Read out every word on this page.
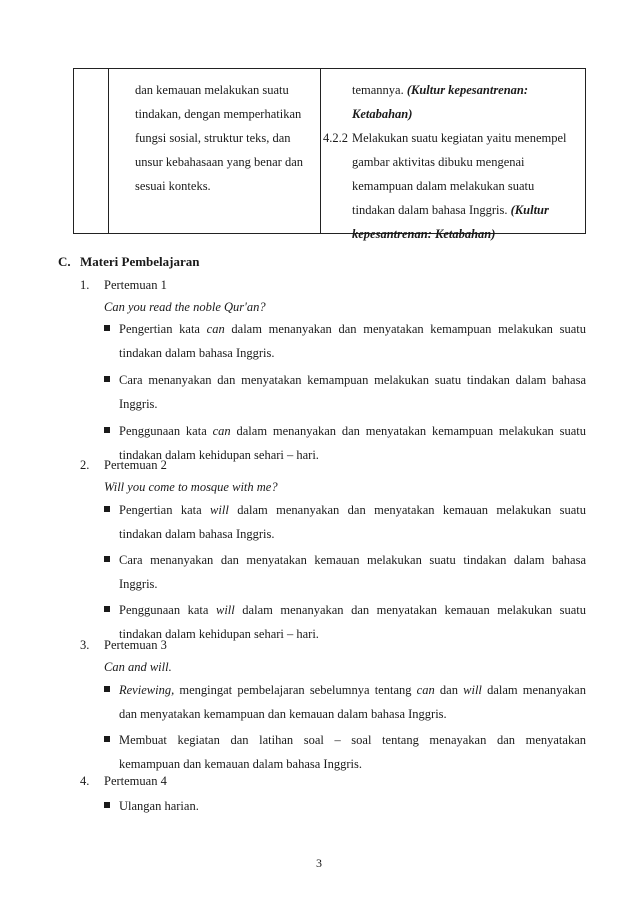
dan kemauan melakukan suatu
tindakan, dengan memperhatikan
fungsi sosial, struktur teks, dan
unsur kebahasaan yang benar dan
sesuai konteks.
temannya. (Kultur kepesantrenan:
Ketabahan)
4.2.2 Melakukan suatu kegiatan yaitu menempel
gambar aktivitas dibuku mengenai
kemampuan dalam melakukan suatu
tindakan dalam bahasa Inggris. (Kultur
kepesantrenan: Ketabahan)
C. Materi Pembelajaran
1. Pertemuan 1
Can you read the noble Qur'an?
Pengertian kata can dalam menanyakan dan menyatakan kemampuan melakukan suatu
tindakan dalam bahasa Inggris.
Cara menanyakan dan menyatakan kemampuan melakukan suatu tindakan dalam bahasa
Inggris.
Penggunaan kata can dalam menanyakan dan menyatakan kemampuan melakukan suatu
tindakan dalam kehidupan sehari – hari.
2. Pertemuan 2
Will you come to mosque with me?
Pengertian kata will dalam menanyakan dan menyatakan kemauan melakukan suatu
tindakan dalam bahasa Inggris.
Cara menanyakan dan menyatakan kemauan melakukan suatu tindakan dalam bahasa
Inggris.
Penggunaan kata will dalam menanyakan dan menyatakan kemauan melakukan suatu
tindakan dalam kehidupan sehari – hari.
3. Pertemuan 3
Can and will.
Reviewing, mengingat pembelajaran sebelumnya tentang can dan will dalam menanyakan
dan menyatakan kemampuan dan kemauan dalam bahasa Inggris.
Membuat kegiatan dan latihan soal – soal tentang menayakan dan menyatakan
kemampuan dan kemauan dalam bahasa Inggris.
4. Pertemuan 4
Ulangan harian.
3
